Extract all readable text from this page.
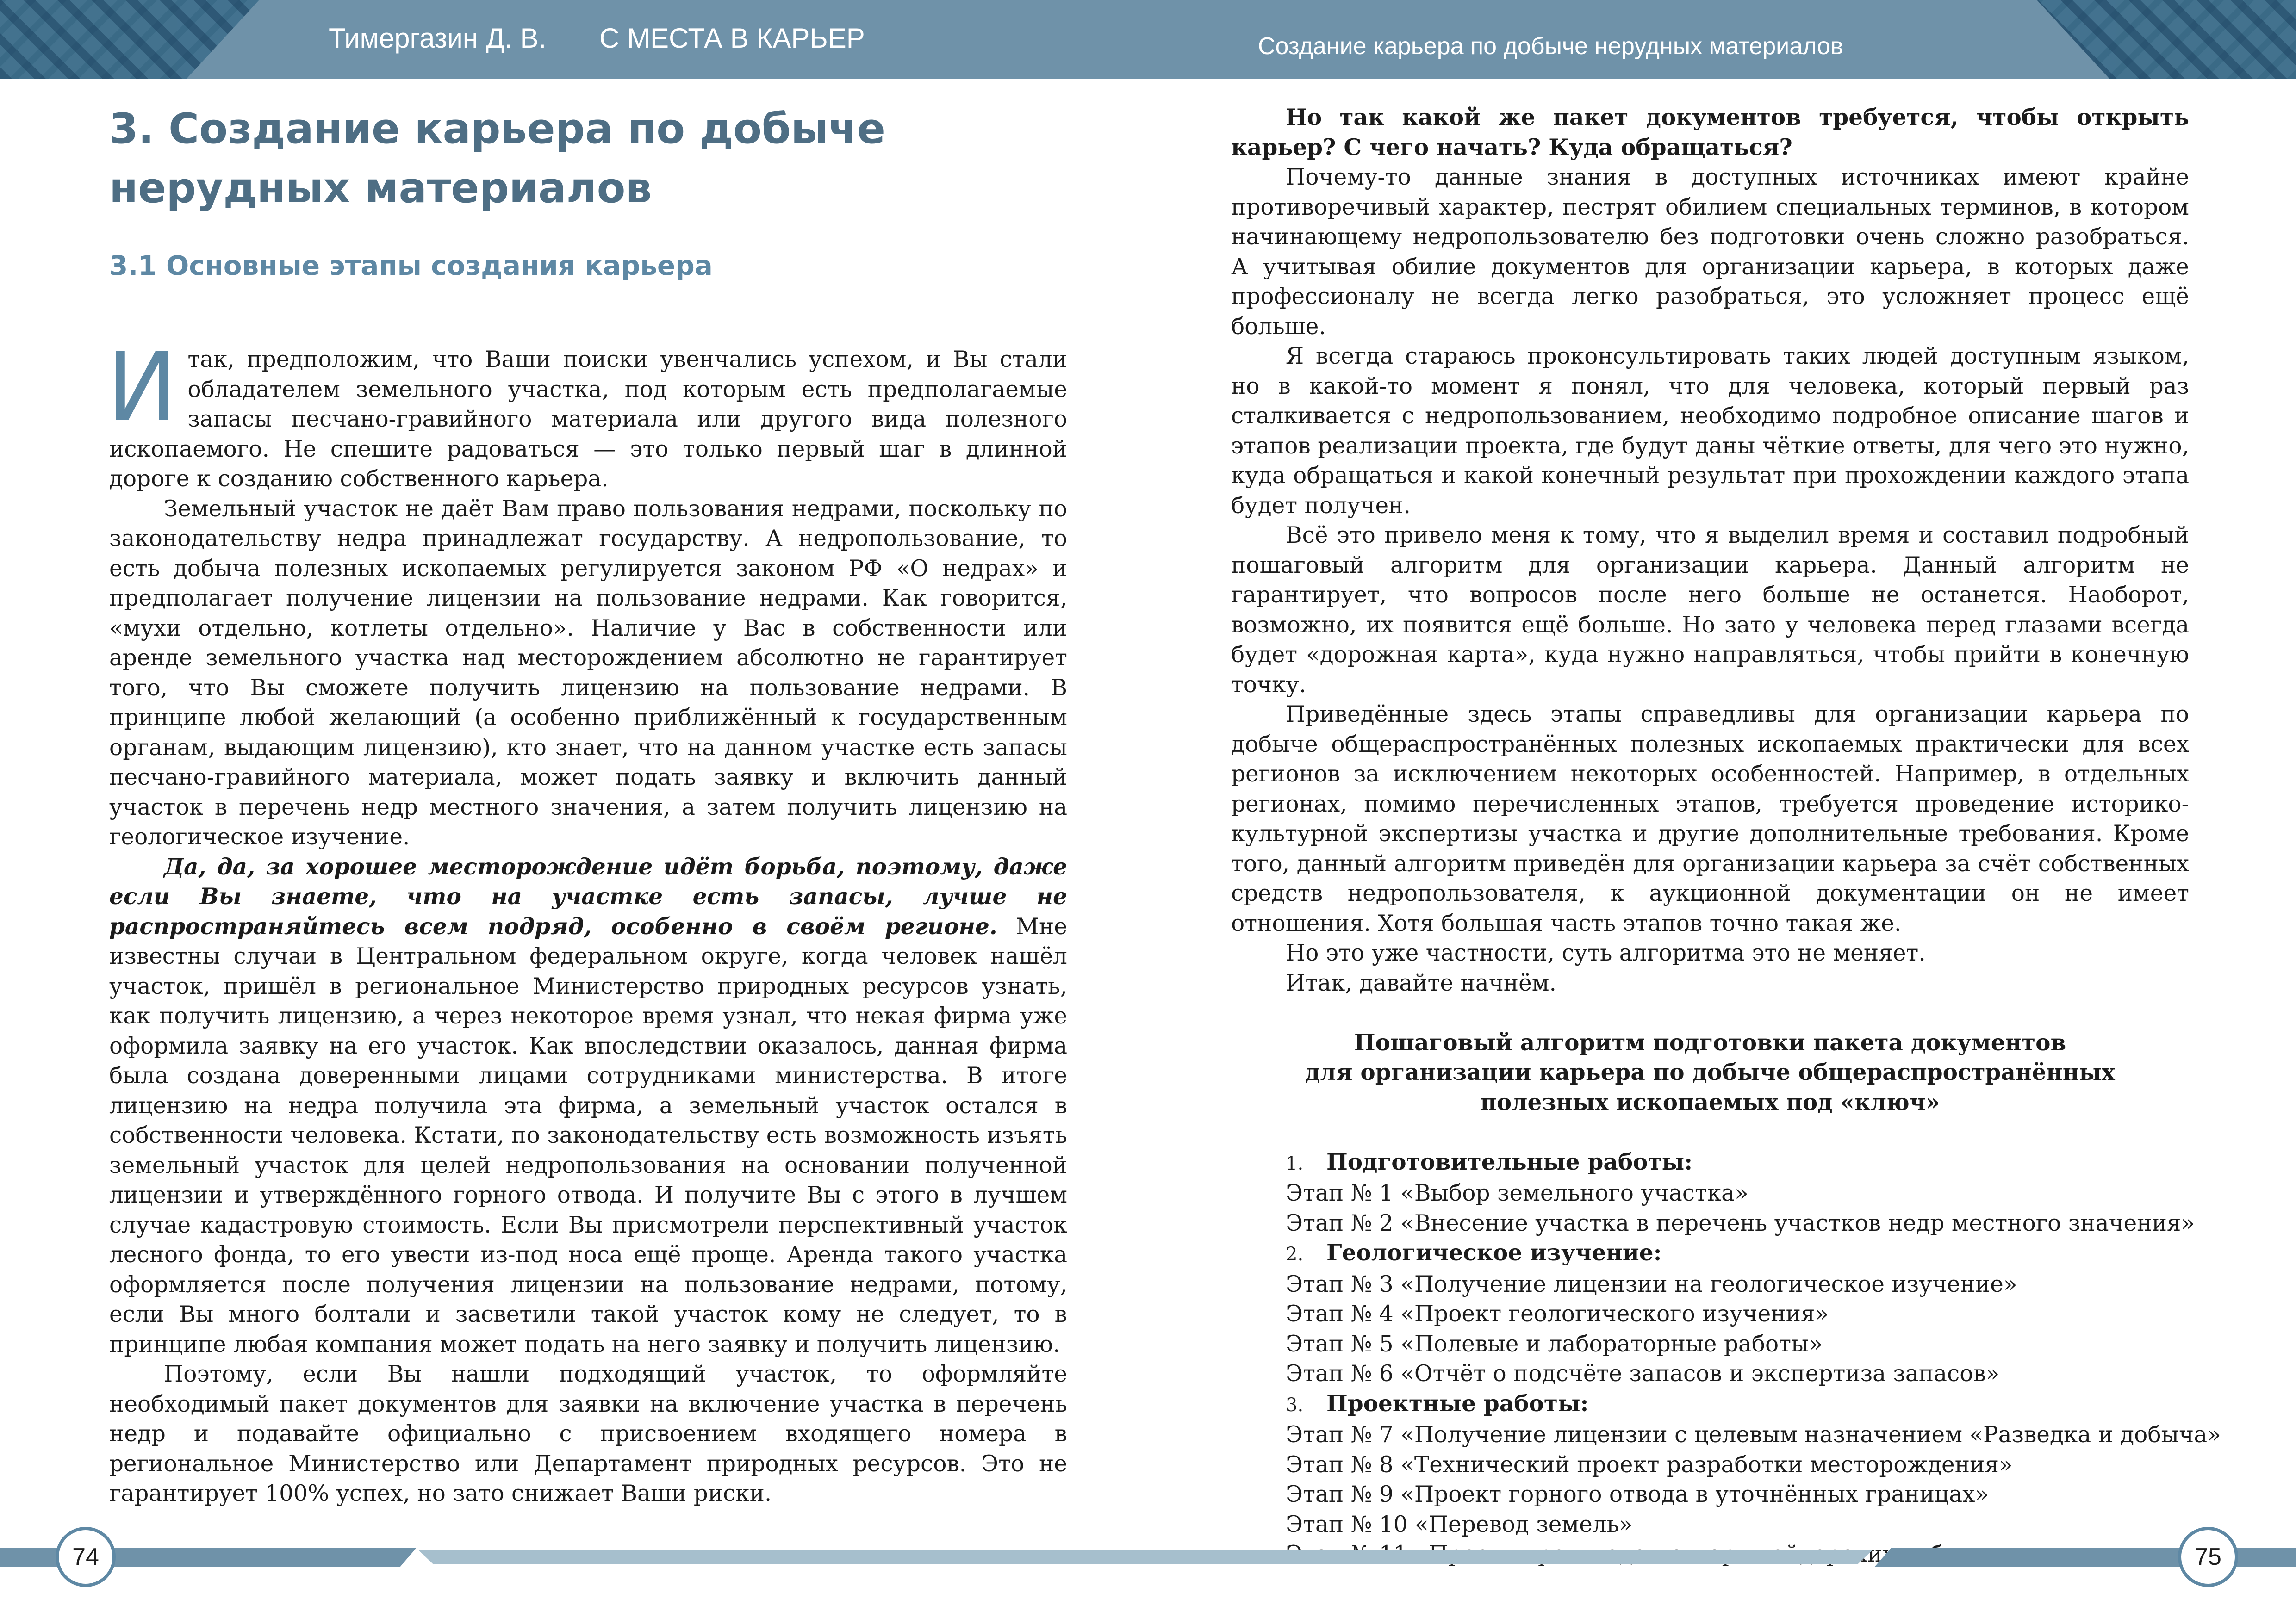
Тимергазин Д. В. С МЕСТА В КАРЬЕР	Создание карьера по добыче нерудных материалов
3. Создание карьера по добыче нерудных материалов
3.1 Основные этапы создания карьера

Итак, предположим, что Ваши поиски увенчались успехом, и Вы стали обладателем земельного участка, под которым есть предполагаемые запасы песчано-гравийного материала или другого вида полезного ископаемого. Не спешите радоваться — это только первый шаг в длинной дороге к созданию собственного карьера.

Земельный участок не даёт Вам право пользования недрами, поскольку по законодательству недра принадлежат государству. А недропользование, то есть добыча полезных ископаемых регулируется законом РФ «О недрах» и предполагает получение лицензии на пользование недрами. Как говорится, «мухи отдельно, котлеты отдельно». Наличие у Вас в собственности или аренде земельного участка над месторождением абсолютно не гарантирует того, что Вы сможете получить лицензию на пользование недрами. В принципе любой желающий (а особенно приближённый к государственным органам, выдающим лицензию), кто знает, что на данном участке есть запасы песчано-гравийного материала, может подать заявку и включить данный участок в перечень недр местного значения, а затем получить лицензию на геологическое изучение.

Да, да, за хорошее месторождение идёт борьба, поэтому, даже если Вы знаете, что на участке есть запасы, лучше не распространяйтесь всем подряд, особенно в своём регионе. Мне известны случаи в Центральном федеральном округе, когда человек нашёл участок, пришёл в региональное Министерство природных ресурсов узнать, как получить лицензию, а через некоторое время узнал, что некая фирма уже оформила заявку на его участок. Как впоследствии оказалось, данная фирма была создана доверенными лицами сотрудниками министерства. В итоге лицензию на недра получила эта фирма, а земельный участок остался в собственности человека. Кстати, по законодательству есть возможность изъять земельный участок для целей недропользования на основании полученной лицензии и утверждённого горного отвода. И получите Вы с этого в лучшем случае кадастровую стоимость. Если Вы присмотрели перспективный участок лесного фонда, то его увести из-под носа ещё проще. Аренда такого участка оформляется после получения лицензии на пользование недрами, потому, если Вы много болтали и засветили такой участок кому не следует, то в принципе любая компания может подать на него заявку и получить лицензию.

Поэтому, если Вы нашли подходящий участок, то оформляйте необходимый пакет документов для заявки на включение участка в перечень недр и подавайте официально с присвоением входящего номера в региональное Министерство или Департамент природных ресурсов. Это не гарантирует 100% успех, но зато снижает Ваши риски.

Но так какой же пакет документов требуется, чтобы открыть карьер? С чего начать? Куда обращаться?

Почему-то данные знания в доступных источниках имеют крайне противоречивый характер, пестрят обилием специальных терминов, в котором начинающему недропользователю без подготовки очень сложно разобраться. А учитывая обилие документов для организации карьера, в которых даже профессионалу не всегда легко разобраться, это усложняет процесс ещё больше.

Я всегда стараюсь проконсультировать таких людей доступным языком, но в какой-то момент я понял, что для человека, который первый раз сталкивается с недропользованием, необходимо подробное описание шагов и этапов реализации проекта, где будут даны чёткие ответы, для чего это нужно, куда обращаться и какой конечный результат при прохождении каждого этапа будет получен.

Всё это привело меня к тому, что я выделил время и составил подробный пошаговый алгоритм для организации карьера. Данный алгоритм не гарантирует, что вопросов после него больше не останется. Наоборот, возможно, их появится ещё больше. Но зато у человека перед глазами всегда будет «дорожная карта», куда нужно направляться, чтобы прийти в конечную точку.

Приведённые здесь этапы справедливы для организации карьера по добыче общераспространённых полезных ископаемых практически для всех регионов за исключением некоторых особенностей. Например, в отдельных регионах, помимо перечисленных этапов, требуется проведение историко-культурной экспертизы участка и другие дополнительные требования. Кроме того, данный алгоритм приведён для организации карьера за счёт собственных средств недропользователя, к аукционной документации он не имеет отношения. Хотя большая часть этапов точно такая же.

Но это уже частности, суть алгоритма это не меняет.

Итак, давайте начнём.

Пошаговый алгоритм подготовки пакета документов
для организации карьера по добыче общераспространённых
полезных ископаемых под «ключ»

1. Подготовительные работы:

Этап № 1 «Выбор земельного участка»

Этап № 2 «Внесение участка в перечень участков недр местного значения»

2. Геологическое изучение:

Этап № 3 «Получение лицензии на геологическое изучение»

Этап № 4 «Проект геологического изучения»

Этап № 5 «Полевые и лабораторные работы»

Этап № 6 «Отчёт о подсчёте запасов и экспертиза запасов»

3. Проектные работы:

Этап № 7 «Получение лицензии с целевым назначением «Разведка и добыча»

Этап № 8 «Технический проект разработки месторождения»

Этап № 9 «Проект горного отвода в уточнённых границах»

Этап № 10 «Перевод земель»

74	75
